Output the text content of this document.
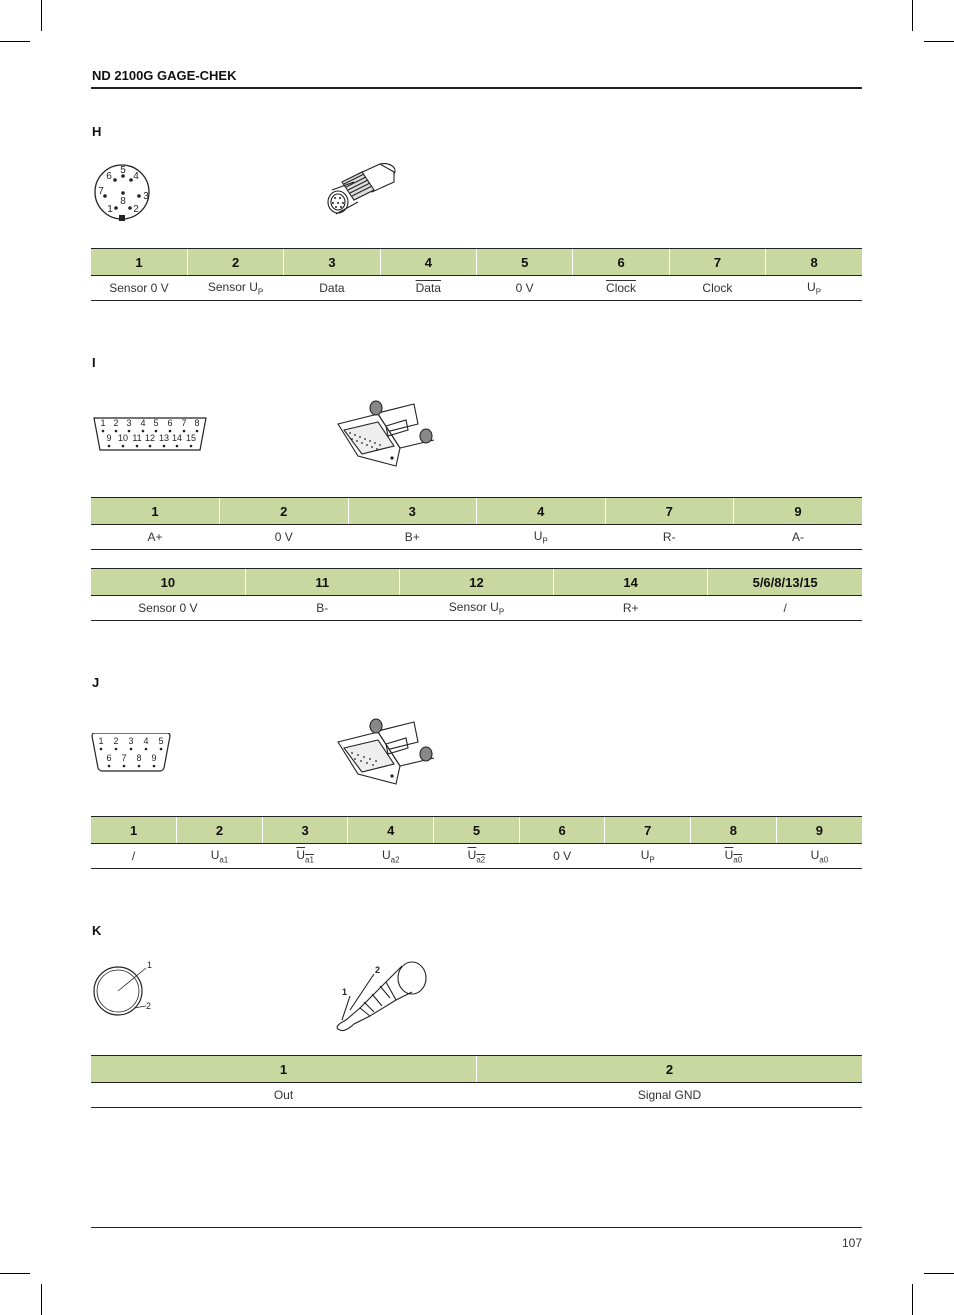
ND 2100G GAGE-CHEK
H
5
6 4
7	3
8
1 2
1	2	3	4	5	6	7	8
Sensor 0 V	Sensor $U_P$	Data	Data	0 V	Clock	Clock	$U_P$
I
1 2 3 4 5 6 7 8
9 10 11 12 13 14 15
1	2	3	4	7	9
A+	0 V	B+	$U_P$	R-	A-
10	11	12	14	5/6/8/13/15
Sensor 0 V	B-	Sensor $U_P$	R+	/
J
1 2 3 4 5
6 7 8 9
1	2	3	4	5	6	7	8	9
/	$U_{a1}$	$U_{a1}$	$U_{a2}$	$U_{a2}$	0 V	$U_P$	$U_{a0}$	$U_{a0}$
K
1
2
2
1
1	2
Out	Signal GND
107
